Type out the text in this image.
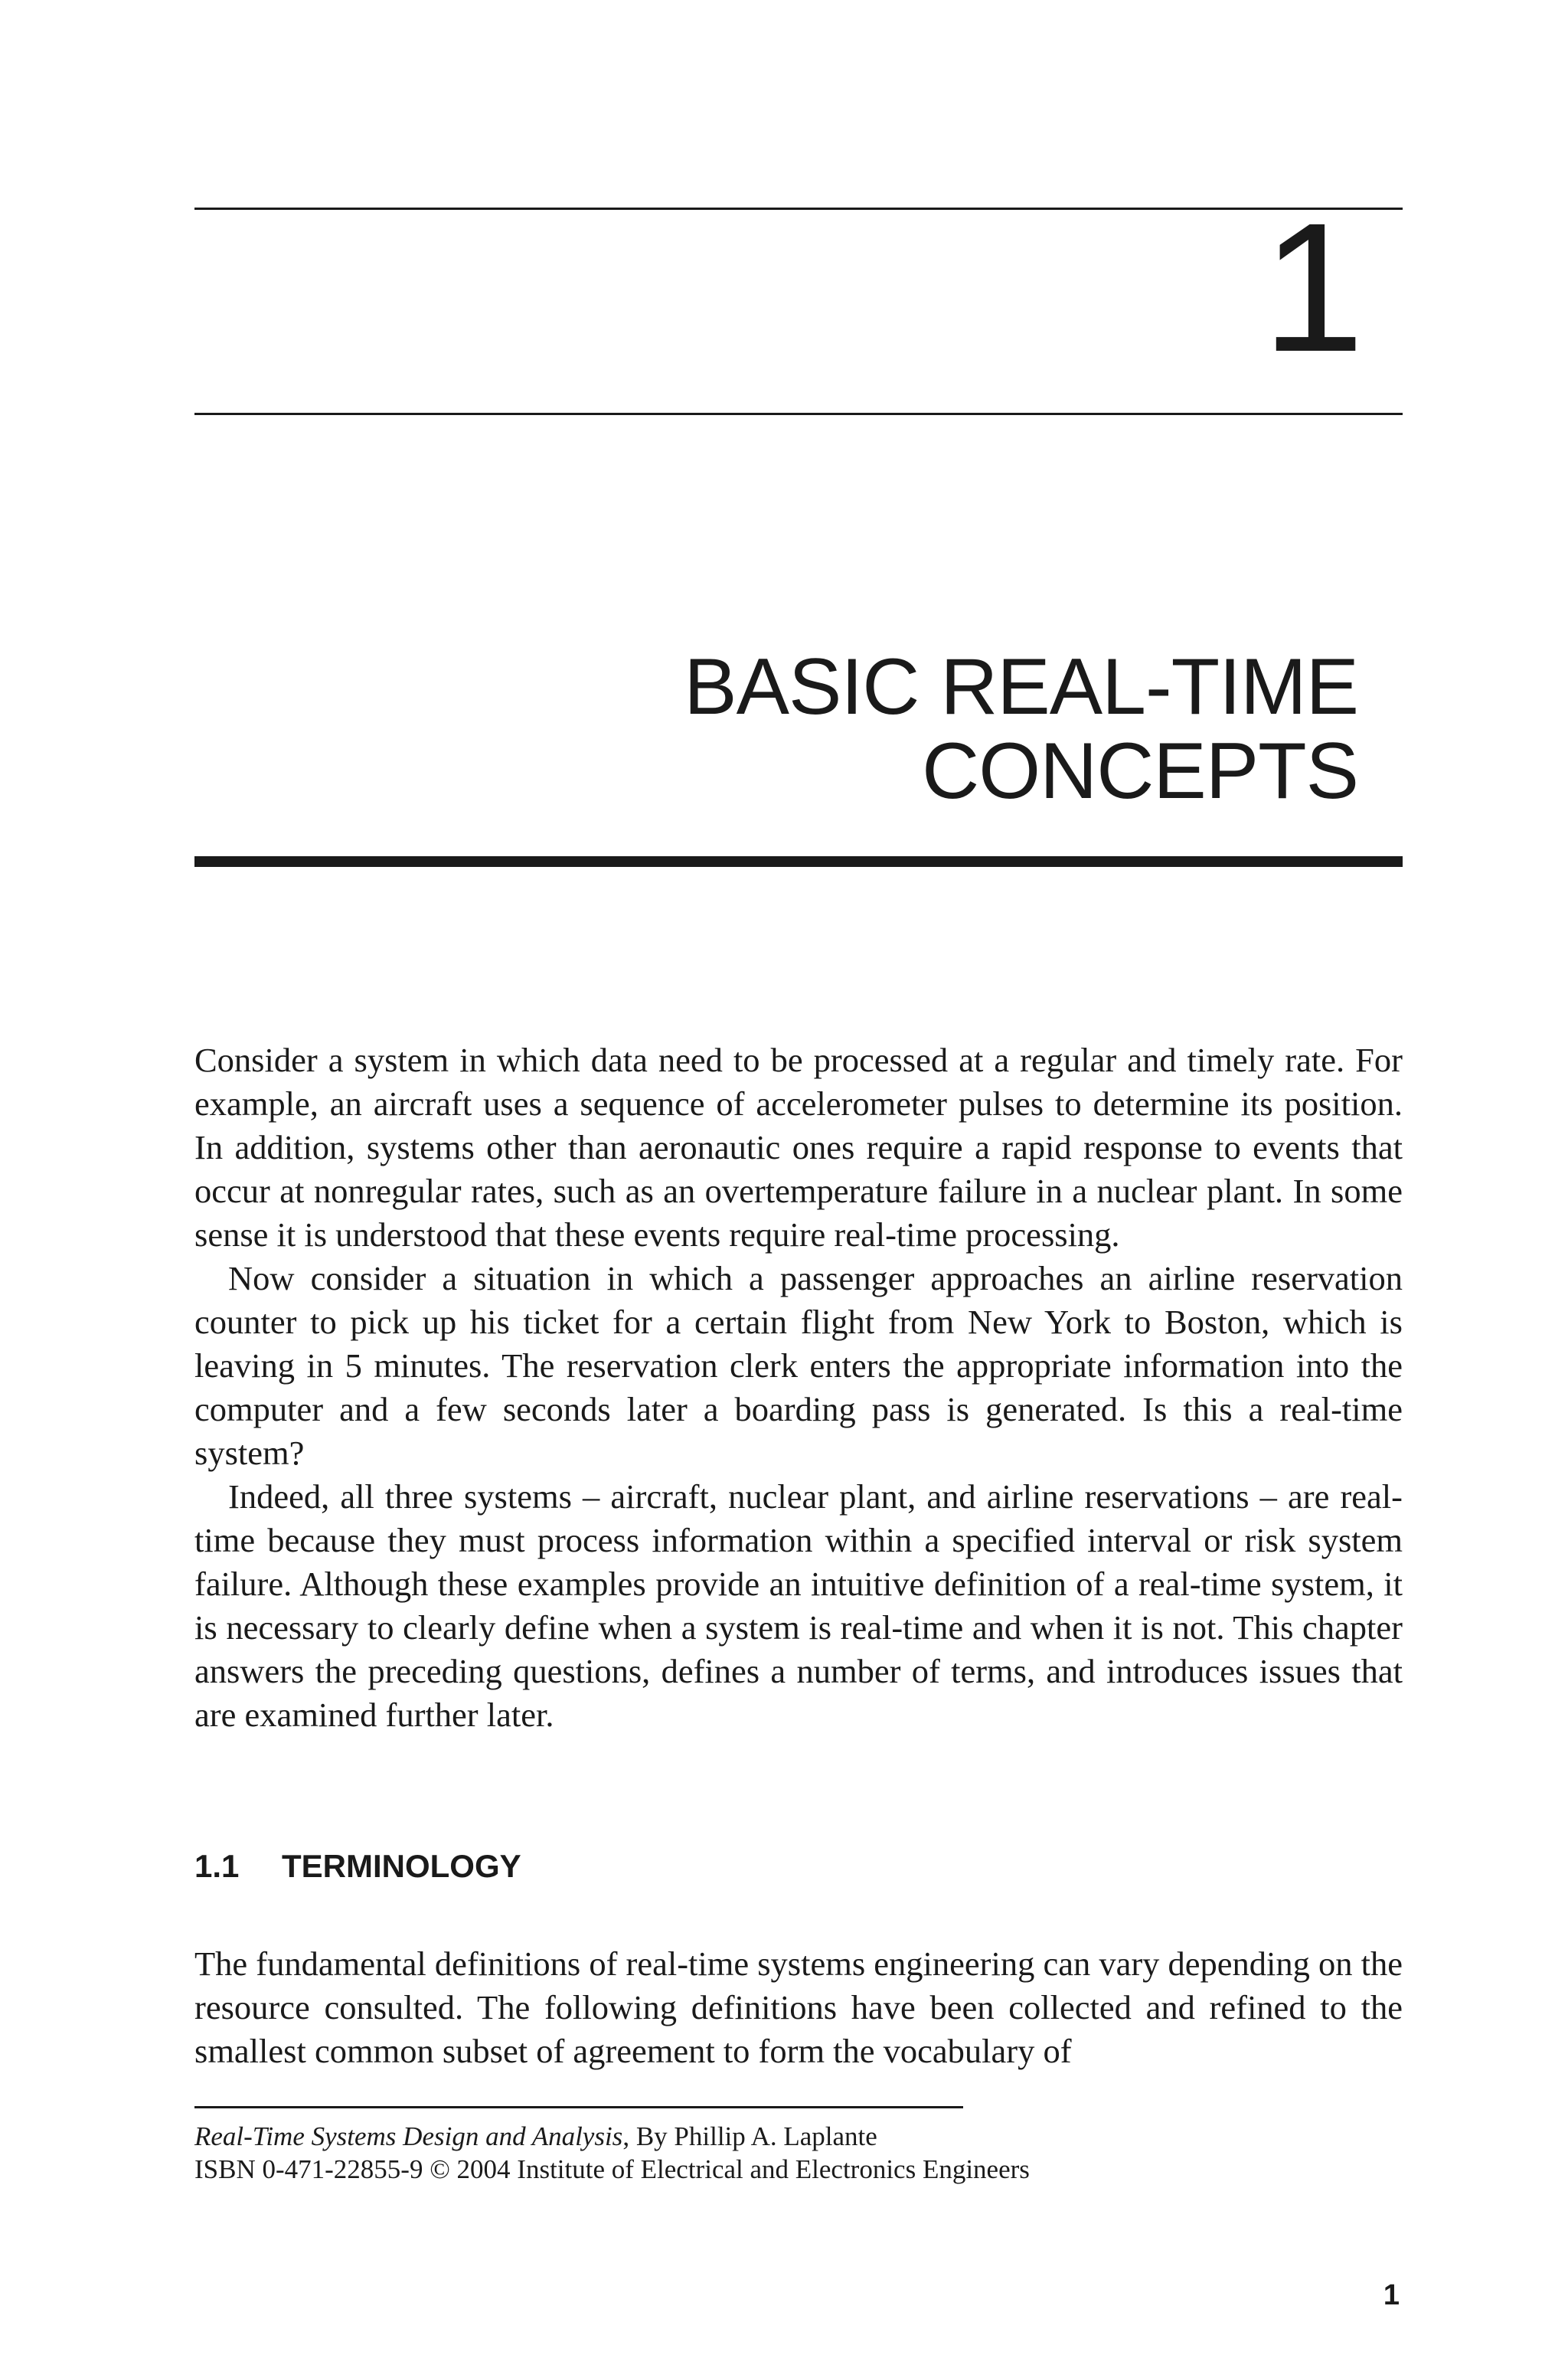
1
BASIC REAL-TIME
CONCEPTS

Consider a system in which data need to be processed at a regular and timely rate. For example, an aircraft uses a sequence of accelerometer pulses to determine its position. In addition, systems other than aeronautic ones require a rapid response to events that occur at nonregular rates, such as an overtemperature failure in a nuclear plant. In some sense it is understood that these events require real-time processing.

Now consider a situation in which a passenger approaches an airline reservation counter to pick up his ticket for a certain flight from New York to Boston, which is leaving in 5 minutes. The reservation clerk enters the appropriate information into the computer and a few seconds later a boarding pass is generated. Is this a real-time system?

Indeed, all three systems – aircraft, nuclear plant, and airline reservations – are real-time because they must process information within a specified interval or risk system failure. Although these examples provide an intuitive definition of a real-time system, it is necessary to clearly define when a system is real-time and when it is not. This chapter answers the preceding questions, defines a number of terms, and introduces issues that are examined further later.

1.1 TERMINOLOGY

The fundamental definitions of real-time systems engineering can vary depending on the resource consulted. The following definitions have been collected and refined to the smallest common subset of agreement to form the vocabulary of

Real-Time Systems Design and Analysis, By Phillip A. Laplante
ISBN 0-471-22855-9 © 2004 Institute of Electrical and Electronics Engineers
1
